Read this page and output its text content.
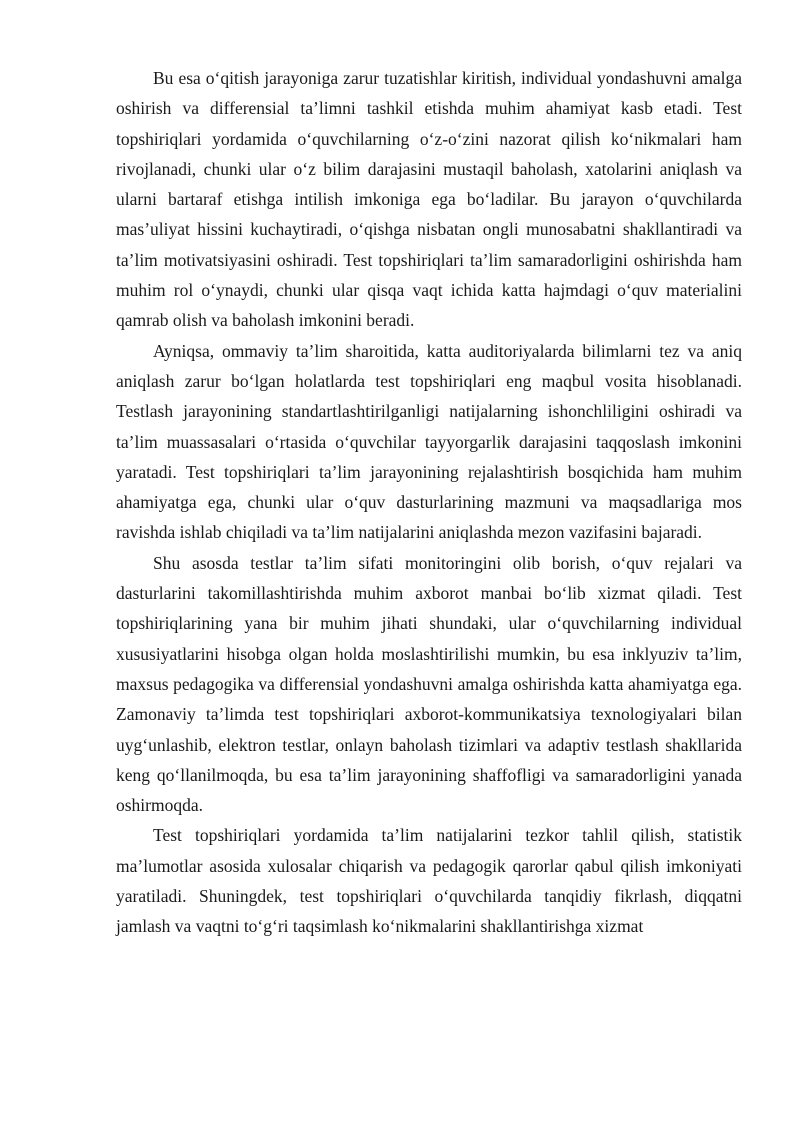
Bu esa o‘qitish jarayoniga zarur tuzatishlar kiritish, individual yondashuvni amalga oshirish va differensial ta’limni tashkil etishda muhim ahamiyat kasb etadi. Test topshiriqlari yordamida o‘quvchilarning o‘z-o‘zini nazorat qilish ko‘nikmalari ham rivojlanadi, chunki ular o‘z bilim darajasini mustaqil baholash, xatolarini aniqlash va ularni bartaraf etishga intilish imkoniga ega bo‘ladilar. Bu jarayon o‘quvchilarda mas’uliyat hissini kuchaytiradi, o‘qishga nisbatan ongli munosabatni shakllantiradi va ta’lim motivatsiyasini oshiradi. Test topshiriqlari ta’lim samaradorligini oshirishda ham muhim rol o‘ynaydi, chunki ular qisqa vaqt ichida katta hajmdagi o‘quv materialini qamrab olish va baholash imkonini beradi.

Ayniqsa, ommaviy ta’lim sharoitida, katta auditoriyalarda bilimlarni tez va aniq aniqlash zarur bo‘lgan holatlarda test topshiriqlari eng maqbul vosita hisoblanadi. Testlash jarayonining standartlashtirilganligi natijalarning ishonchliligini oshiradi va ta’lim muassasalari o‘rtasida o‘quvchilar tayyorgarlik darajasini taqqoslash imkonini yaratadi. Test topshiriqlari ta’lim jarayonining rejalashtirish bosqichida ham muhim ahamiyatga ega, chunki ular o‘quv dasturlarining mazmuni va maqsadlariga mos ravishda ishlab chiqiladi va ta’lim natijalarini aniqlashda mezon vazifasini bajaradi.

Shu asosda testlar ta’lim sifati monitoringini olib borish, o‘quv rejalari va dasturlarini takomillashtirishda muhim axborot manbai bo‘lib xizmat qiladi. Test topshiriqlarining yana bir muhim jihati shundaki, ular o‘quvchilarning individual xususiyatlarini hisobga olgan holda moslashtirilishi mumkin, bu esa inklyuziv ta’lim, maxsus pedagogika va differensial yondashuvni amalga oshirishda katta ahamiyatga ega. Zamonaviy ta’limda test topshiriqlari axborot-kommunikatsiya texnologiyalari bilan uyg‘unlashib, elektron testlar, onlayn baholash tizimlari va adaptiv testlash shakllarida keng qo‘llanilmoqda, bu esa ta’lim jarayonining shaffofligi va samaradorligini yanada oshirmoqda.

Test topshiriqlari yordamida ta’lim natijalarini tezkor tahlil qilish, statistik ma’lumotlar asosida xulosalar chiqarish va pedagogik qarorlar qabul qilish imkoniyati yaratiladi. Shuningdek, test topshiriqlari o‘quvchilarda tanqidiy fikrlash, diqqatni jamlash va vaqtni to‘g‘ri taqsimlash ko‘nikmalarini shakllantirishga xizmat
